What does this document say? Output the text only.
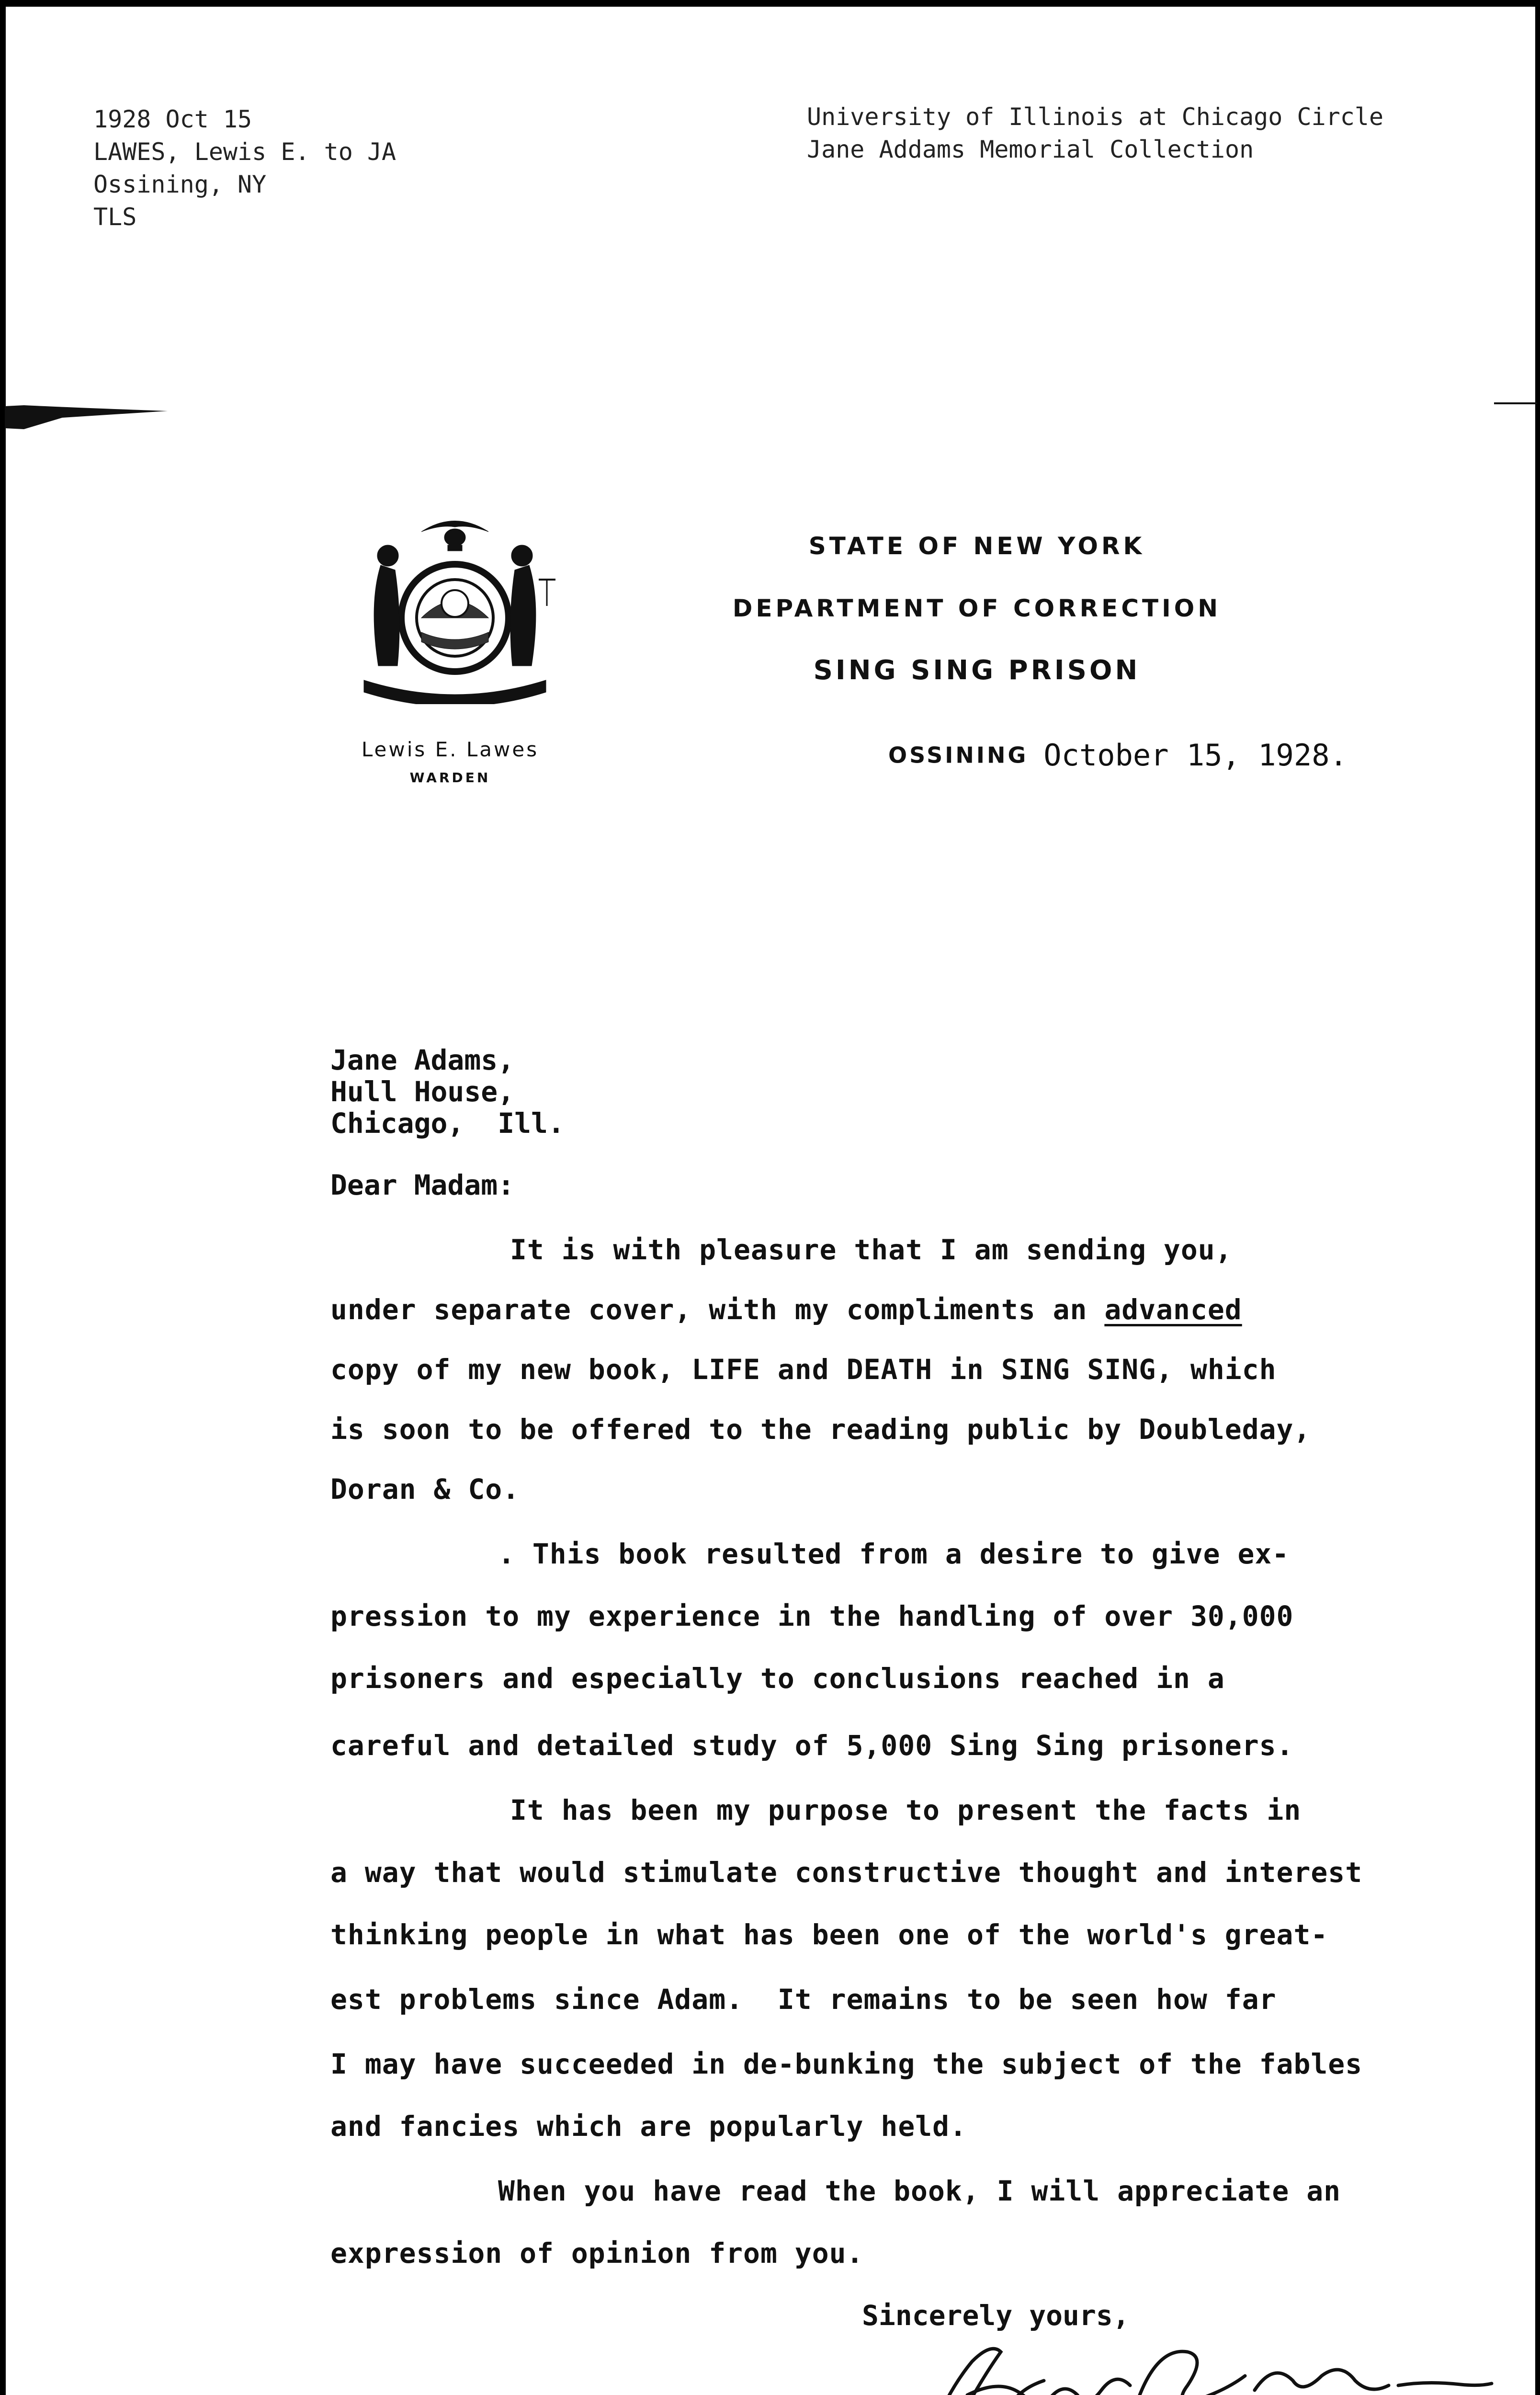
1928 Oct 15
LAWES, Lewis E. to JA
Ossining, NY
TLS
University of Illinois at Chicago Circle
Jane Addams Memorial Collection
STATE OF NEW YORK
DEPARTMENT OF CORRECTION
SING SING PRISON
Lewis E. Lawes
WARDEN
OSSINING October 15, 1928.
Jane Adams,
Hull House,
Chicago,  Ill.
Dear Madam:
It is with pleasure that I am sending you,
under separate cover, with my compliments an advanced
copy of my new book, LIFE and DEATH in SING SING, which
is soon to be offered to the reading public by Doubleday,
Doran & Co.
. This book resulted from a desire to give ex-
pression to my experience in the handling of over 30,000
prisoners and especially to conclusions reached in a
careful and detailed study of 5,000 Sing Sing prisoners.
It has been my purpose to present the facts in
a way that would stimulate constructive thought and interest
thinking people in what has been one of the world's great-
est problems since Adam.  It remains to be seen how far
I may have succeeded in de-bunking the subject of the fables
and fancies which are popularly held.
When you have read the book, I will appreciate an
expression of opinion from you.
Sincerely yours,
